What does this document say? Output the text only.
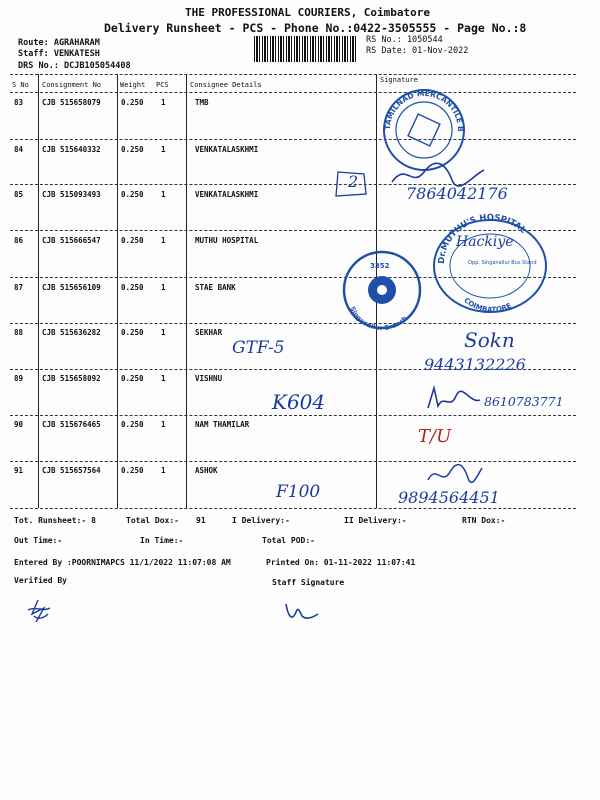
THE PROFESSIONAL COURIERS, Coimbatore
Delivery Runsheet - PCS - Phone No.:0422-3505555 - Page No.:8
Route: AGRAHARAM
Staff: VENKATESH
DRS No.: DCJB105054408
RS No.: 1050544
RS Date: 01-Nov-2022
S No Consignment No	Weight PCS	Consignee Details
Signature
83	CJB 515658079	0.250 1	TMB
84	CJB 515640332	0.250 1	VENKATALASKHMI
85	CJB 515093493	0.250 1	VENKATALASKHMI
86	CJB 515666547	0.250 1	MUTHU HOSPITAL
87	CJB 515656109	0.250 1	STAE BANK
88	CJB 515636282	0.250 1	SEKHAR
89	CJB 515658092	0.250 1	VISHNU
90	CJB 515676465	0.250 1	NAM THAMILAR
91	CJB 515657564	0.250 1	ASHOK
TAMILNAD MERCANTILE BANK LTD.
Dr.MUTHU'S HOSPITAL
COIMBATORE
Opp. Singanallur Bus Stand
3352
Singanallur Branch
2
7864042176
Hackiye
GTF-5	Sokn
9443132226
K604	8610783771
T/U
F100	9894564451
Tot. Runsheet:- 8	Total Dox:- 91	I Delivery:-	II Delivery:-	RTN Dox:-
Out Time:-	In Time:-	Total POD:-
Entered By :POORNIMAPCS 11/1/2022 11:07:08 AM	Printed On: 01-11-2022 11:07:41
Verified By	Staff Signature
